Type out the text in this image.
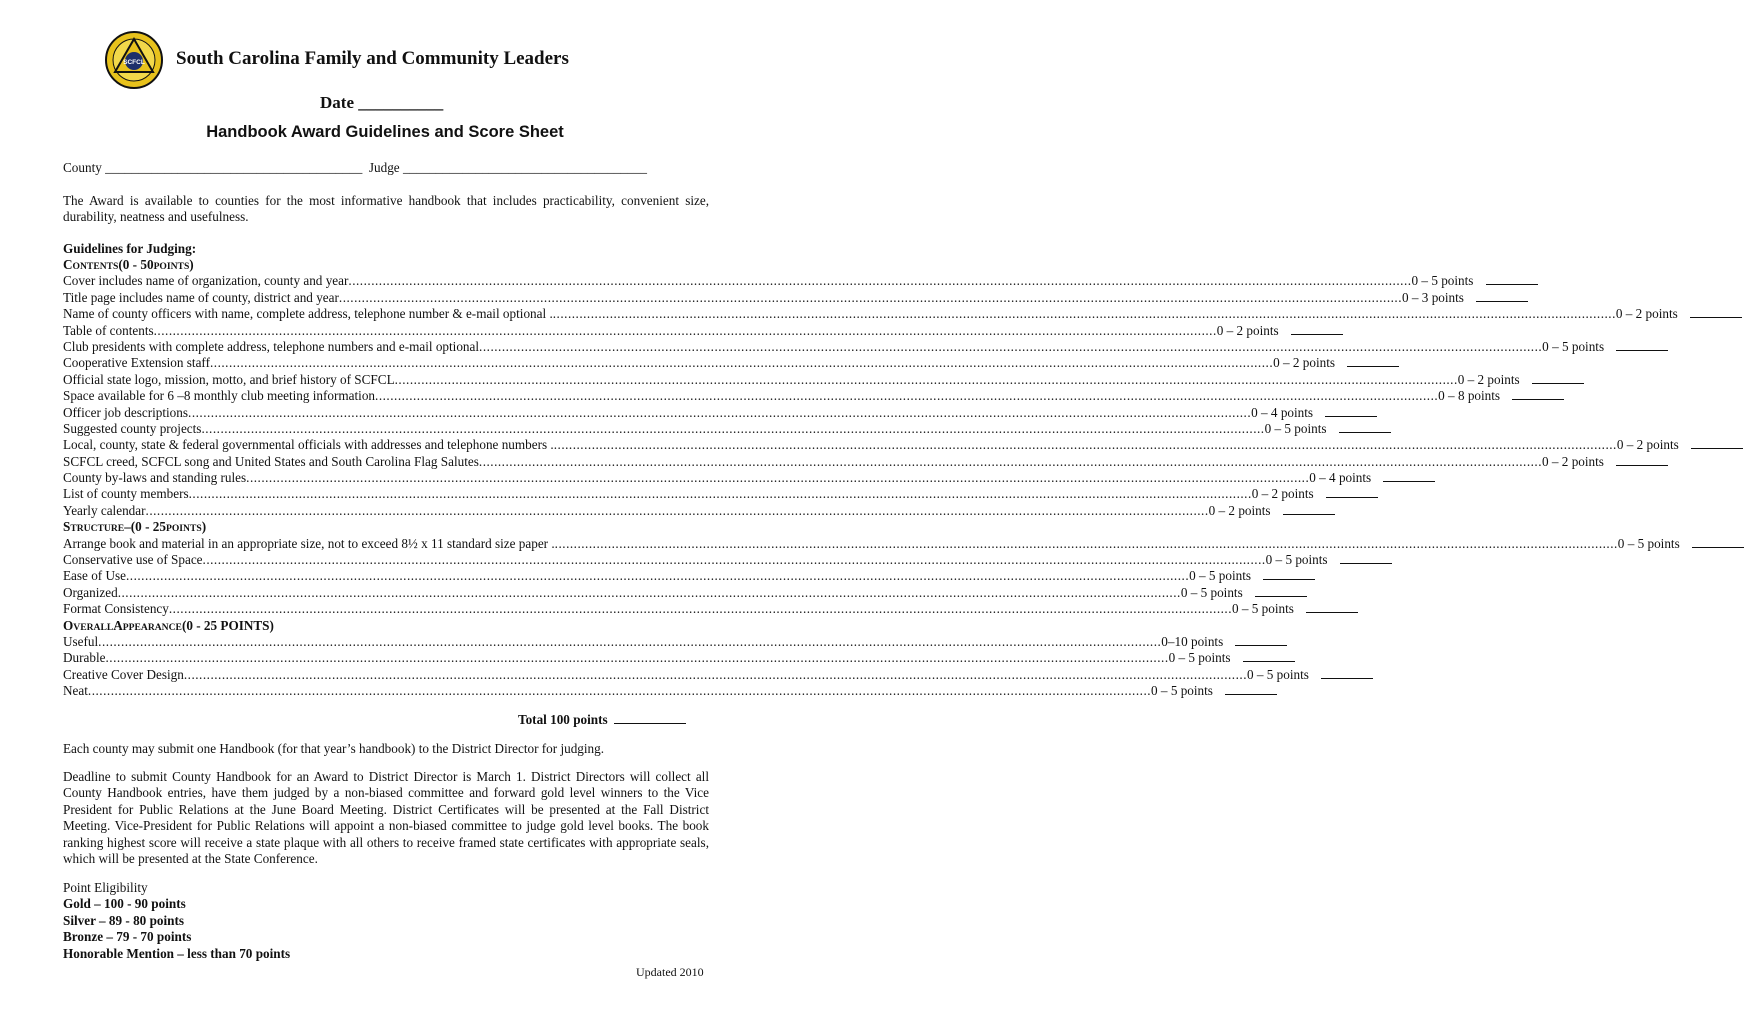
SCFCL South Carolina Family and Community Leaders
Date __________
Handbook Award Guidelines and Score Sheet
County _______________________________________  Judge _____________________________________
The Award is available to counties for the most informative handbook that includes practicability, convenient size, durability, neatness and usefulness.
Guidelines for Judging:
C ONTENTS (0 - 50 POINTS )
Cover includes name of organization, county and year .....	0 – 5 points
Title page includes name of county, district and year .....	0 – 3 points
Name of county officers with name, complete address, telephone number & e-mail optional . .....	0 – 2 points
Table of contents .....	0 – 2 points
Club presidents with complete address, telephone numbers and e-mail optional .....	0 – 5 points
Cooperative Extension staff .....	0 – 2 points
Official state logo, mission, motto, and brief history of SCFCL .....	0 – 2 points
Space available for 6 –8 monthly club meeting information .....	0 – 8 points
Officer job descriptions .....	0 – 4 points
Suggested county projects .....	0 – 5 points
Local, county, state & federal governmental officials with addresses and telephone numbers . .....	0 – 2 points
SCFCL creed, SCFCL song and United States and South Carolina Flag Salutes .....	0 – 2 points
County by-laws and standing rules .....	0 – 4 points
List of county members .....	0 – 2 points
Yearly calendar .....	0 – 2 points
S TRUCTURE –(0 - 25 POINTS )
Arrange book and material in an appropriate size, not to exceed 8½ x 11 standard size paper . .....	0 – 5 points
Conservative use of Space .....	0 – 5 points
Ease of Use .....	0 – 5 points
Organized .....	0 – 5 points
Format Consistency .....	0 – 5 points
O VERALL A PPEARANCE (0 - 25 POINTS)
Useful .....	0–10 points
Durable .....	0 – 5 points
Creative Cover Design .....	0 – 5 points
Neat .....	0 – 5 points
Total 100 points
Each county may submit one Handbook (for that year’s handbook) to the District Director for judging.
Deadline to submit County Handbook for an Award to District Director is March 1. District Directors will collect all County Handbook entries, have them judged by a non-biased committee and forward gold level winners to the Vice President for Public Relations at the June Board Meeting. District Certificates will be presented at the Fall District Meeting. Vice-President for Public Relations will appoint a non-biased committee to judge gold level books. The book ranking highest score will receive a state plaque with all others to receive framed state certificates with appropriate seals, which will be presented at the State Conference.
Point Eligibility
Gold – 100 - 90 points
Silver – 89 - 80 points
Bronze – 79 - 70 points
Honorable Mention – less than 70 points
Updated 2010
